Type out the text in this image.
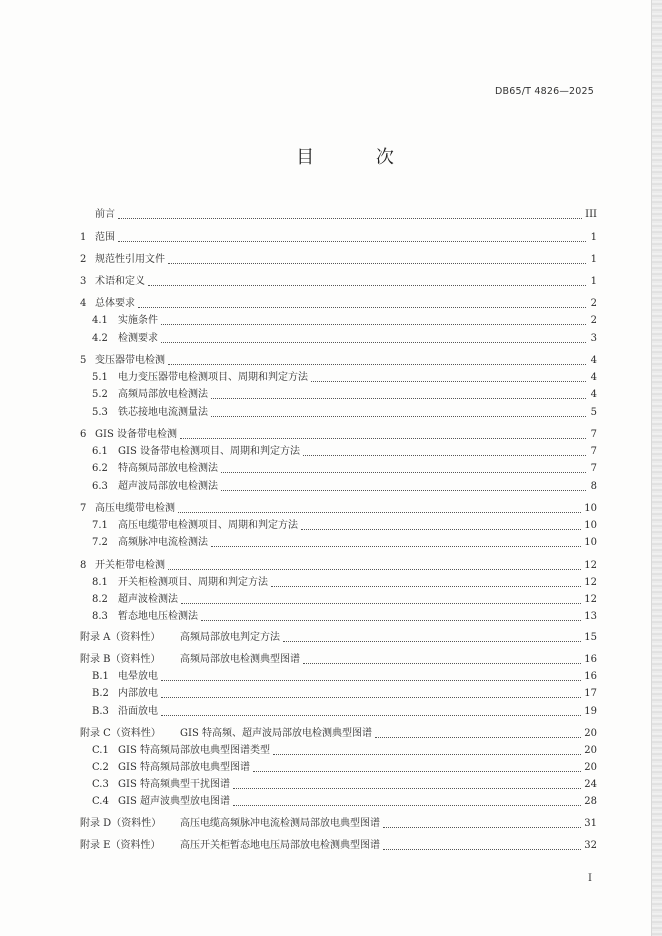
DB65/T 4826—2025
目 次
前言	III
1 范围	1
2 规范性引用文件	1
3 术语和定义	1
4 总体要求	2
4.1	实施条件	2
4.2	检测要求	3
5 变压器带电检测	4
5.1	电力变压器带电检测项目、周期和判定方法	4
5.2	高频局部放电检测法	4
5.3	铁芯接地电流测量法	5
6 GIS 设备带电检测	7
6.1	GIS 设备带电检测项目、周期和判定方法	7
6.2	特高频局部放电检测法	7
6.3	超声波局部放电检测法	8
7 高压电缆带电检测	10
7.1	高压电缆带电检测项目、周期和判定方法	10
7.2	高频脉冲电流检测法	10
8 开关柜带电检测	12
8.1	开关柜检测项目、周期和判定方法	12
8.2	超声波检测法	12
8.3	暂态地电压检测法	13
附录 A（资料性）	高频局部放电判定方法	15
附录 B（资料性）	高频局部放电检测典型图谱	16
B.1 电晕放电	16
B.2 内部放电	17
B.3 沿面放电	19
附录 C（资料性）	GIS 特高频、超声波局部放电检测典型图谱	20
C.1 GIS 特高频局部放电典型图谱类型	20
C.2 GIS 特高频局部放电典型图谱	20
C.3 GIS 特高频典型干扰图谱	24
C.4 GIS 超声波典型放电图谱	28
附录 D（资料性）	高压电缆高频脉冲电流检测局部放电典型图谱	31
附录 E（资料性）	高压开关柜暂态地电压局部放电检测典型图谱	32
I
